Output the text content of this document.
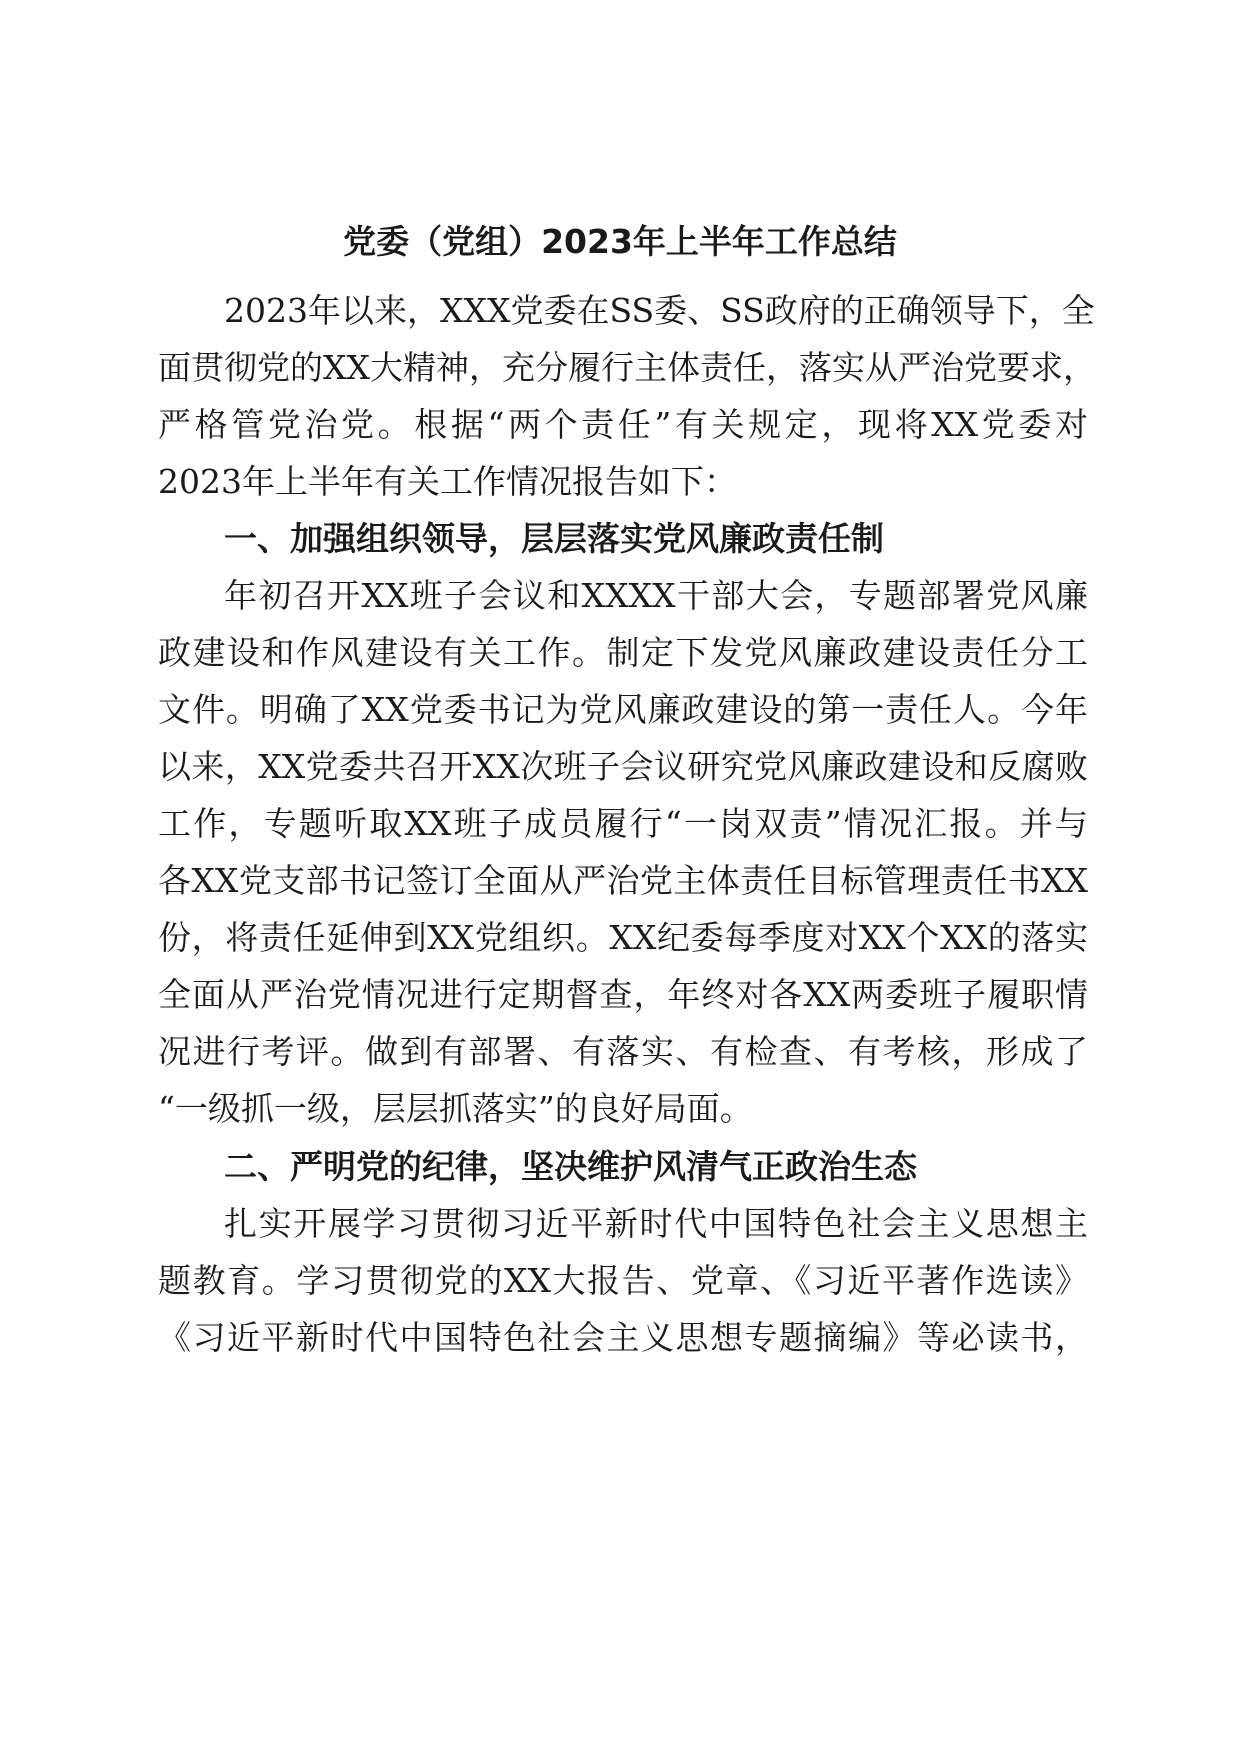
党委（党组）2023年上半年工作总结
2023年以来，XXX党委在SS委、SS政府的正确领导下，全
面贯彻党的XX大精神，充分履行主体责任，落实从严治党要求，
严格管党治党。根据“两个责任”有关规定，现将XX党委对
2023年上半年有关工作情况报告如下：
一、加强组织领导，层层落实党风廉政责任制
年初召开XX班子会议和XXXX干部大会，专题部署党风廉
政建设和作风建设有关工作。制定下发党风廉政建设责任分工
文件。明确了XX党委书记为党风廉政建设的第一责任人。今年
以来，XX党委共召开XX次班子会议研究党风廉政建设和反腐败
工作，专题听取XX班子成员履行“一岗双责”情况汇报。并与
各XX党支部书记签订全面从严治党主体责任目标管理责任书XX
份，将责任延伸到XX党组织。XX纪委每季度对XX个XX的落实
全面从严治党情况进行定期督查，年终对各XX两委班子履职情
况进行考评。做到有部署、有落实、有检查、有考核，形成了
“一级抓一级，层层抓落实”的良好局面。
二、严明党的纪律，坚决维护风清气正政治生态
扎实开展学习贯彻习近平新时代中国特色社会主义思想主
题教育。学习贯彻党的XX大报告、党章、《习近平著作选读》
《习近平新时代中国特色社会主义思想专题摘编》等必读书，
